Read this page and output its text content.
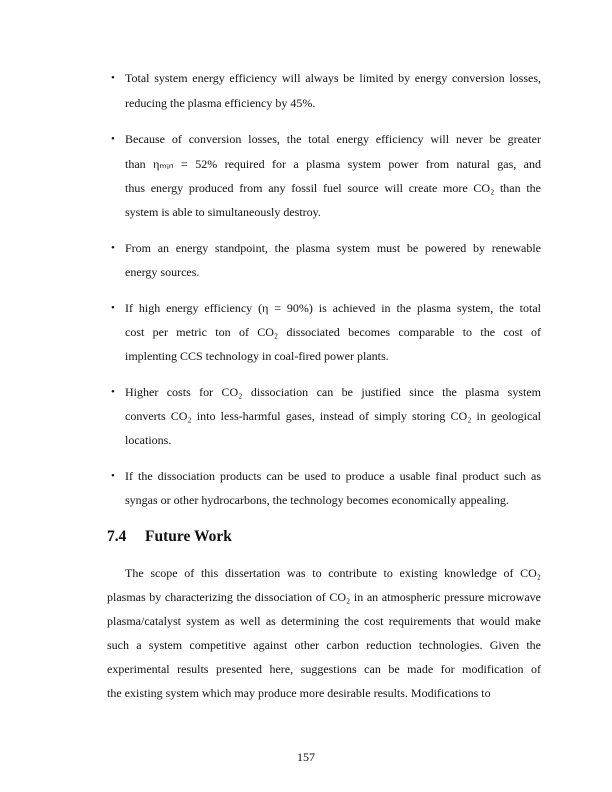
7.4 Future Work
157
• Total system energy efficiency will always be limited by energy conversion losses,
reducing the plasma efficiency by 45%.
• Because of conversion losses, the total energy efficiency will never be greater
than ηₘᵢₙ = 52% required for a plasma system power from natural gas, and
thus energy produced from any fossil fuel source will create more CO₂ than the
system is able to simultaneously destroy.
• From an energy standpoint, the plasma system must be powered by renewable
energy sources.
• If high energy efficiency (η = 90%) is achieved in the plasma system, the total
cost per metric ton of CO₂ dissociated becomes comparable to the cost of
implenting CCS technology in coal-fired power plants.
• Higher costs for CO₂ dissociation can be justified since the plasma system
converts CO₂ into less-harmful gases, instead of simply storing CO₂ in geological
locations.
• If the dissociation products can be used to produce a usable final product such as
syngas or other hydrocarbons, the technology becomes economically appealing.
The scope of this dissertation was to contribute to existing knowledge of CO₂
plasmas by characterizing the dissociation of CO₂ in an atmospheric pressure microwave
plasma/catalyst system as well as determining the cost requirements that would make
such a system competitive against other carbon reduction technologies. Given the
experimental results presented here, suggestions can be made for modification of
the existing system which may produce more desirable results. Modifications to
